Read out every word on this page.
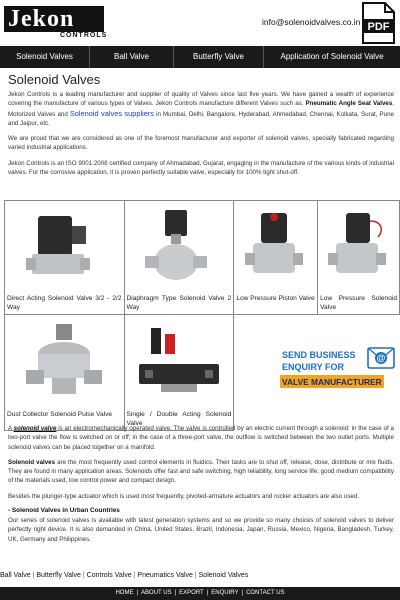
Jekon
CONTROLS
info@solenoidvalves.co.in PDF
Solenoid Valves	Ball Valve	Butterfly Valve	Application of Solenoid Valve
Solenoid Valves

Jekon Controls is a leading manufacturer and supplier of quality of Valves since last five years. We have gained a wealth of experience covering the manufacture of various types of Valves. Jekon Controls manufacture different Valves such as, Pneumatic Angle Seat Valves, Motorized Valves and Solenoid valves suppliers in Mumbai, Delhi, Bangalore, Hyderabad, Ahmedabad, Chennai, Kolkata, Surat, Pune and Jaipur, etc.

We are proud that we are considered as one of the foremost manufacturer and exporter of solenoid valves, specially fabricated regarding varied industrial applications.

Jekon Controls is an ISO 9001:2008 certified company of Ahmadabad, Gujarat, engaging in the manufacture of the various kinds of industrial valves. For the corrosive application, it is proven perfectly suitable valve, especially for 100% tight shut-off.

Direct Acting Solenoid Valve 3/2 - 2/2 Way	Diaphragm Type Solenoid Valve 2 Way	Low Pressure Piston Valve	Low Pressure Solenoid Valve

Dust Collector Solenoid Pulse Valve	Single / Double Acting Solenoid Valve		

SEND BUSINESS
ENQUIRY FOR
VALVE MANUFACTURER
@

A solenoid valve is an electromechanically operated valve. The valve is controlled by an electric current through a solenoid: in the case of a two-port valve the flow is switched on or off; in the case of a three-port valve, the outflow is switched between the two outlet ports. Multiple solenoid valves can be placed together on a manifold.

Solenoid valves are the most frequently used control elements in fluidics. Their tasks are to shut off, release, dose, distribute or mix fluids. They are found in many application areas. Solenoids offer fast and safe switching, high reliability, long service life, good medium compatibility of the materials used, low control power and compact design.

Besides the plunger-type actuator which is used most frequently, pivoted-armature actuators and rocker actuators are also used.

- Solenoid Valves in Urban Countries

Our series of solenoid valves is available with latest generation systems and so we provide so many choices of solenoid valves to deliver perfectly right device. It is also demanded in China, United States, Brazil, Indonesia, Japan, Russia, Mexico, Nigeria, Bangladesh, Turkey, UK, Germany and Philippines.

Ball Valve | Butterfly Valve | Controls Valve | Pneumatics Valve | Solenoid Valves
HOME | ABOUT US | EXPORT | ENQUIRY | CONTACT US
